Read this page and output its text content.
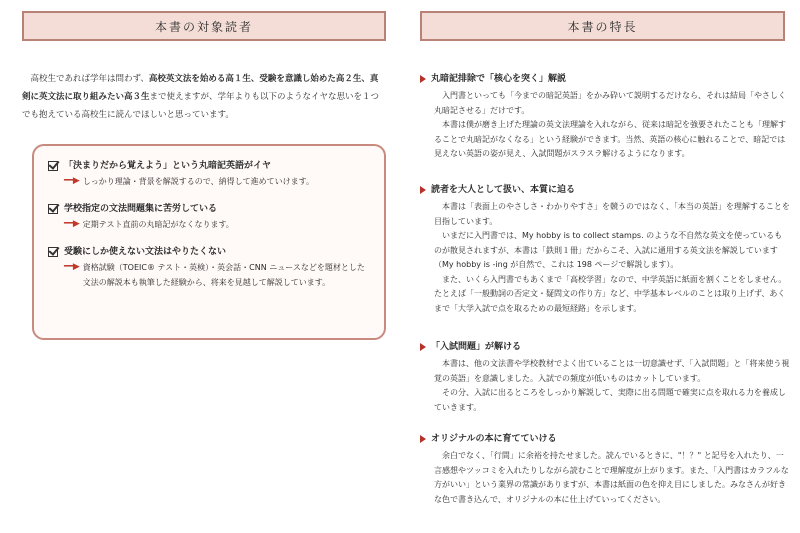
本書の対象読者
高校生であれば学年は問わず、高校英文法を始める高１生、受験を意識し始めた高２生、真剣に英文法に取り組みたい高３生まで使えますが、学年よりも以下のようなイヤな思いを１つでも抱えている高校生に読んでほしいと思っています。
「決まりだから覚えよう」という丸暗記英語がイヤ
━━▶ しっかり理論・背景を解説するので、納得して進めていけます。
学校指定の文法問題集に苦労している
━━▶ 定期テスト直前の丸暗記がなくなります。
受験にしか使えない文法はやりたくない
━━▶ 資格試験（TOEIC® テスト・英検）・英会話・CNN ニュースなどを題材とした文法の解説本も執筆した経験から、将来を見越して解説しています。
本書の特長
丸暗記排除で「核心を突く」解説

入門書といっても「今までの暗記英語」をかみ砕いて説明するだけなら、それは結局「やさしく丸暗記させる」だけです。

本書は僕が磨き上げた理論の英文法理論を入れながら、従来は暗記を強要されたことも「理解することで丸暗記がなくなる」という経験ができます。当然、英語の核心に触れることで、暗記では見えない英語の姿が見え、入試問題がスラスラ解けるようになります。

読者を大人として扱い、本質に迫る

本書は「表面上のやさしさ・わかりやすさ」を競うのではなく、「本当の英語」を理解することを目指しています。

いまだに入門書では、My hobby is to collect stamps. のような不自然な英文を使っているものが散見されますが、本書は「鉄則１冊」だからこそ、入試に通用する英文法を解説しています（My hobby is -ing が自然で、これは 198 ページで解説します）。

また、いくら入門書でもあくまで「高校学習」なので、中学英語に紙面を割くことをしません。たとえば「一般動詞の否定文・疑問文の作り方」など、中学基本レベルのことは取り上げず、あくまで「大学入試で点を取るための最短経路」を示します。

「入試問題」が解ける

本書は、他の文法書や学校教材でよく出ていることは一切意識せず、「入試問題」と「将来使う視覚の英語」を意識しました。入試での頻度が低いものはカットしています。

その分、入試に出るところをしっかり解説して、実際に出る問題で確実に点を取れる力を養成していきます。

オリジナルの本に育てていける

余白でなく、「行間」に余裕を持たせました。読んでいるときに、"！？" と記号を入れたり、一言感想やツッコミを入れたりしながら読むことで理解度が上がります。また、「入門書はカラフルな方がいい」という業界の常識がありますが、本書は紙面の色を抑え目にしました。みなさんが好きな色で書き込んで、オリジナルの本に仕上げていってください。
